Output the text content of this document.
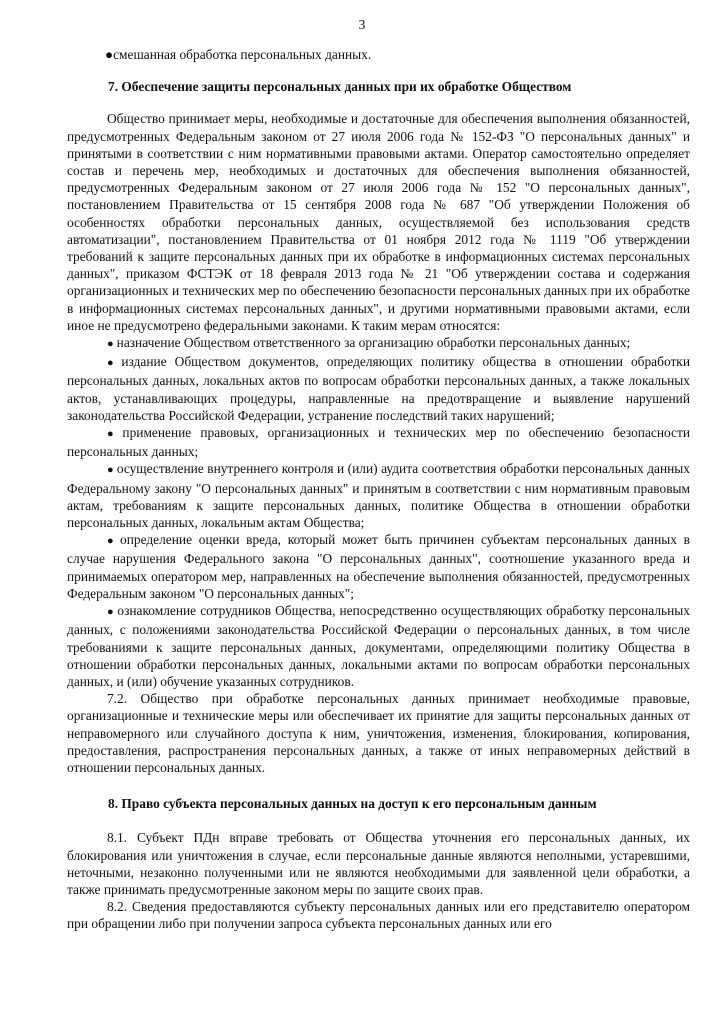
3

●смешанная обработка персональных данных.

7. Обеспечение защиты персональных данных при их обработке Обществом

Общество принимает меры, необходимые и достаточные для обеспечения выполнения обязанностей, предусмотренных Федеральным законом от 27 июля 2006 года № 152-ФЗ "О персональных данных" и принятыми в соответствии с ним нормативными правовыми актами. Оператор самостоятельно определяет состав и перечень мер, необходимых и достаточных для обеспечения выполнения обязанностей, предусмотренных Федеральным законом от 27 июля 2006 года № 152 "О персональных данных", постановлением Правительства от 15 сентября 2008 года № 687 "Об утверждении Положения об особенностях обработки персональных данных, осуществляемой без использования средств автоматизации", постановлением Правительства от 01 ноября 2012 года № 1119 "Об утверждении требований к защите персональных данных при их обработке в информационных системах персональных данных", приказом ФСТЭК от 18 февраля 2013 года № 21 "Об утверждении состава и содержания организационных и технических мер по обеспечению безопасности персональных данных при их обработке в информационных системах персональных данных", и другими нормативными правовыми актами, если иное не предусмотрено федеральными законами. К таким мерам относятся:

● назначение Обществом ответственного за организацию обработки персональных данных;

● издание Обществом документов, определяющих политику общества в отношении обработки персональных данных, локальных актов по вопросам обработки персональных данных, а также локальных актов, устанавливающих процедуры, направленные на предотвращение и выявление нарушений законодательства Российской Федерации, устранение последствий таких нарушений;

● применение правовых, организационных и технических мер по обеспечению безопасности персональных данных;

● осуществление внутреннего контроля и (или) аудита соответствия обработки персональных данных Федеральному закону "О персональных данных" и принятым в соответствии с ним нормативным правовым актам, требованиям к защите персональных данных, политике Общества в отношении обработки персональных данных, локальным актам Общества;

● определение оценки вреда, который может быть причинен субъектам персональных данных в случае нарушения Федерального закона "О персональных данных", соотношение указанного вреда и принимаемых оператором мер, направленных на обеспечение выполнения обязанностей, предусмотренных Федеральным законом "О персональных данных";

● ознакомление сотрудников Общества, непосредственно осуществляющих обработку персональных данных, с положениями законодательства Российской Федерации о персональных данных, в том числе требованиями к защите персональных данных, документами, определяющими политику Общества в отношении обработки персональных данных, локальными актами по вопросам обработки персональных данных, и (или) обучение указанных сотрудников.

7.2. Общество при обработке персональных данных принимает необходимые правовые, организационные и технические меры или обеспечивает их принятие для защиты персональных данных от неправомерного или случайного доступа к ним, уничтожения, изменения, блокирования, копирования, предоставления, распространения персональных данных, а также от иных неправомерных действий в отношении персональных данных.

8. Право субъекта персональных данных на доступ к его персональным данным

8.1. Субъект ПДн вправе требовать от Общества уточнения его персональных данных, их блокирования или уничтожения в случае, если персональные данные являются неполными, устаревшими, неточными, незаконно полученными или не являются необходимыми для заявленной цели обработки, а также принимать предусмотренные законом меры по защите своих прав.

8.2. Сведения предоставляются субъекту персональных данных или его представителю оператором при обращении либо при получении запроса субъекта персональных данных или его
